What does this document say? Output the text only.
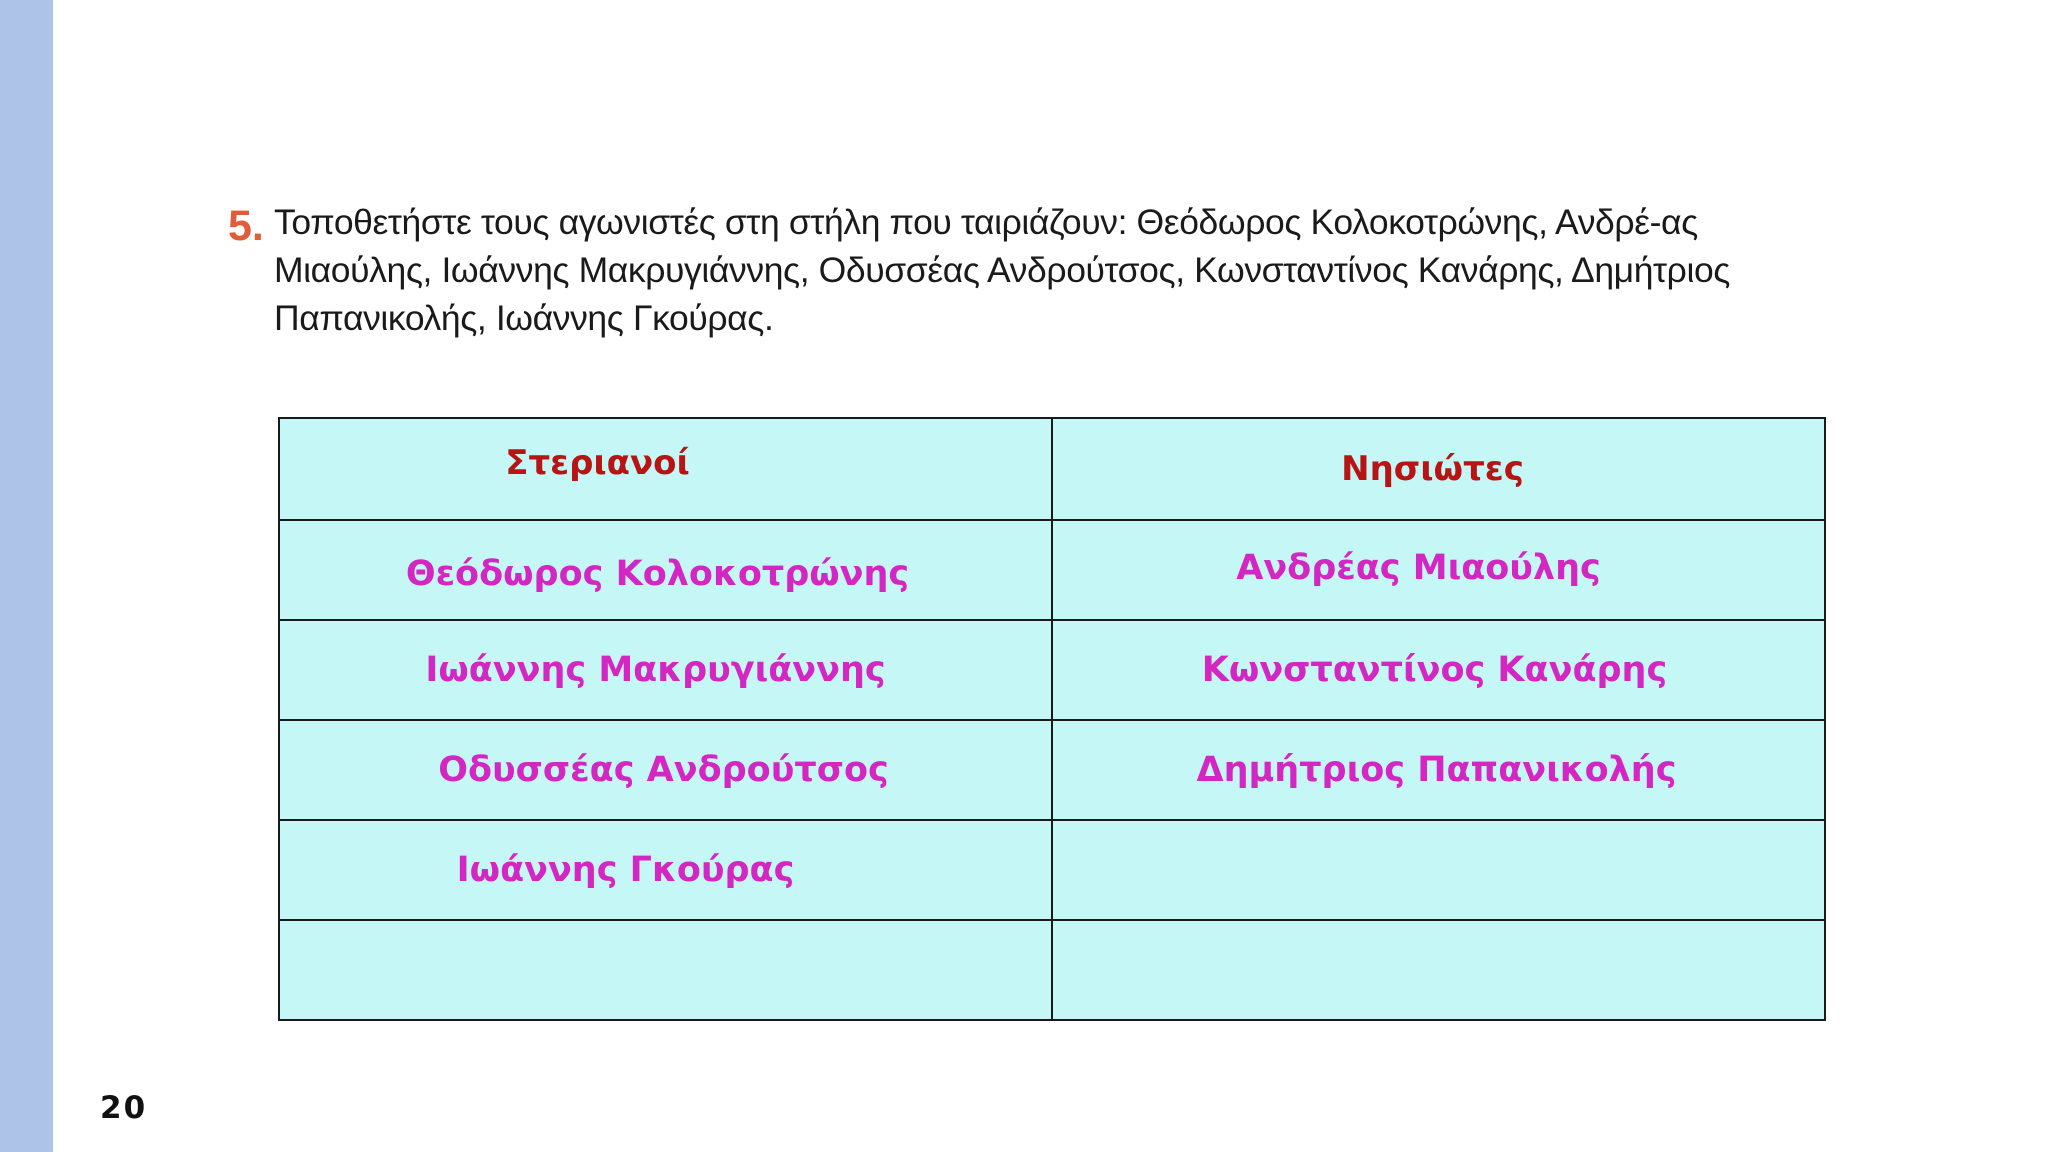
5. Τοποθετήστε τους αγωνιστές στη στήλη που ταιριάζουν: Θεόδωρος Κολοκοτρώνης, Ανδρέ-ας Μιαούλης, Ιωάννης Μακρυγιάννης, Οδυσσέας Ανδρούτσος, Κωνσταντίνος Κανάρης, Δημήτριος Παπανικολής, Ιωάννης Γκούρας.
Στεριανοί	Νησιώτες
Θεόδωρος Κολοκοτρώνης	Ανδρέας Μιαούλης
Ιωάννης Μακρυγιάννης	Κωνσταντίνος Κανάρης
Οδυσσέας Ανδρούτσος	Δημήτριος Παπανικολής
Ιωάννης Γκούρας	

20
